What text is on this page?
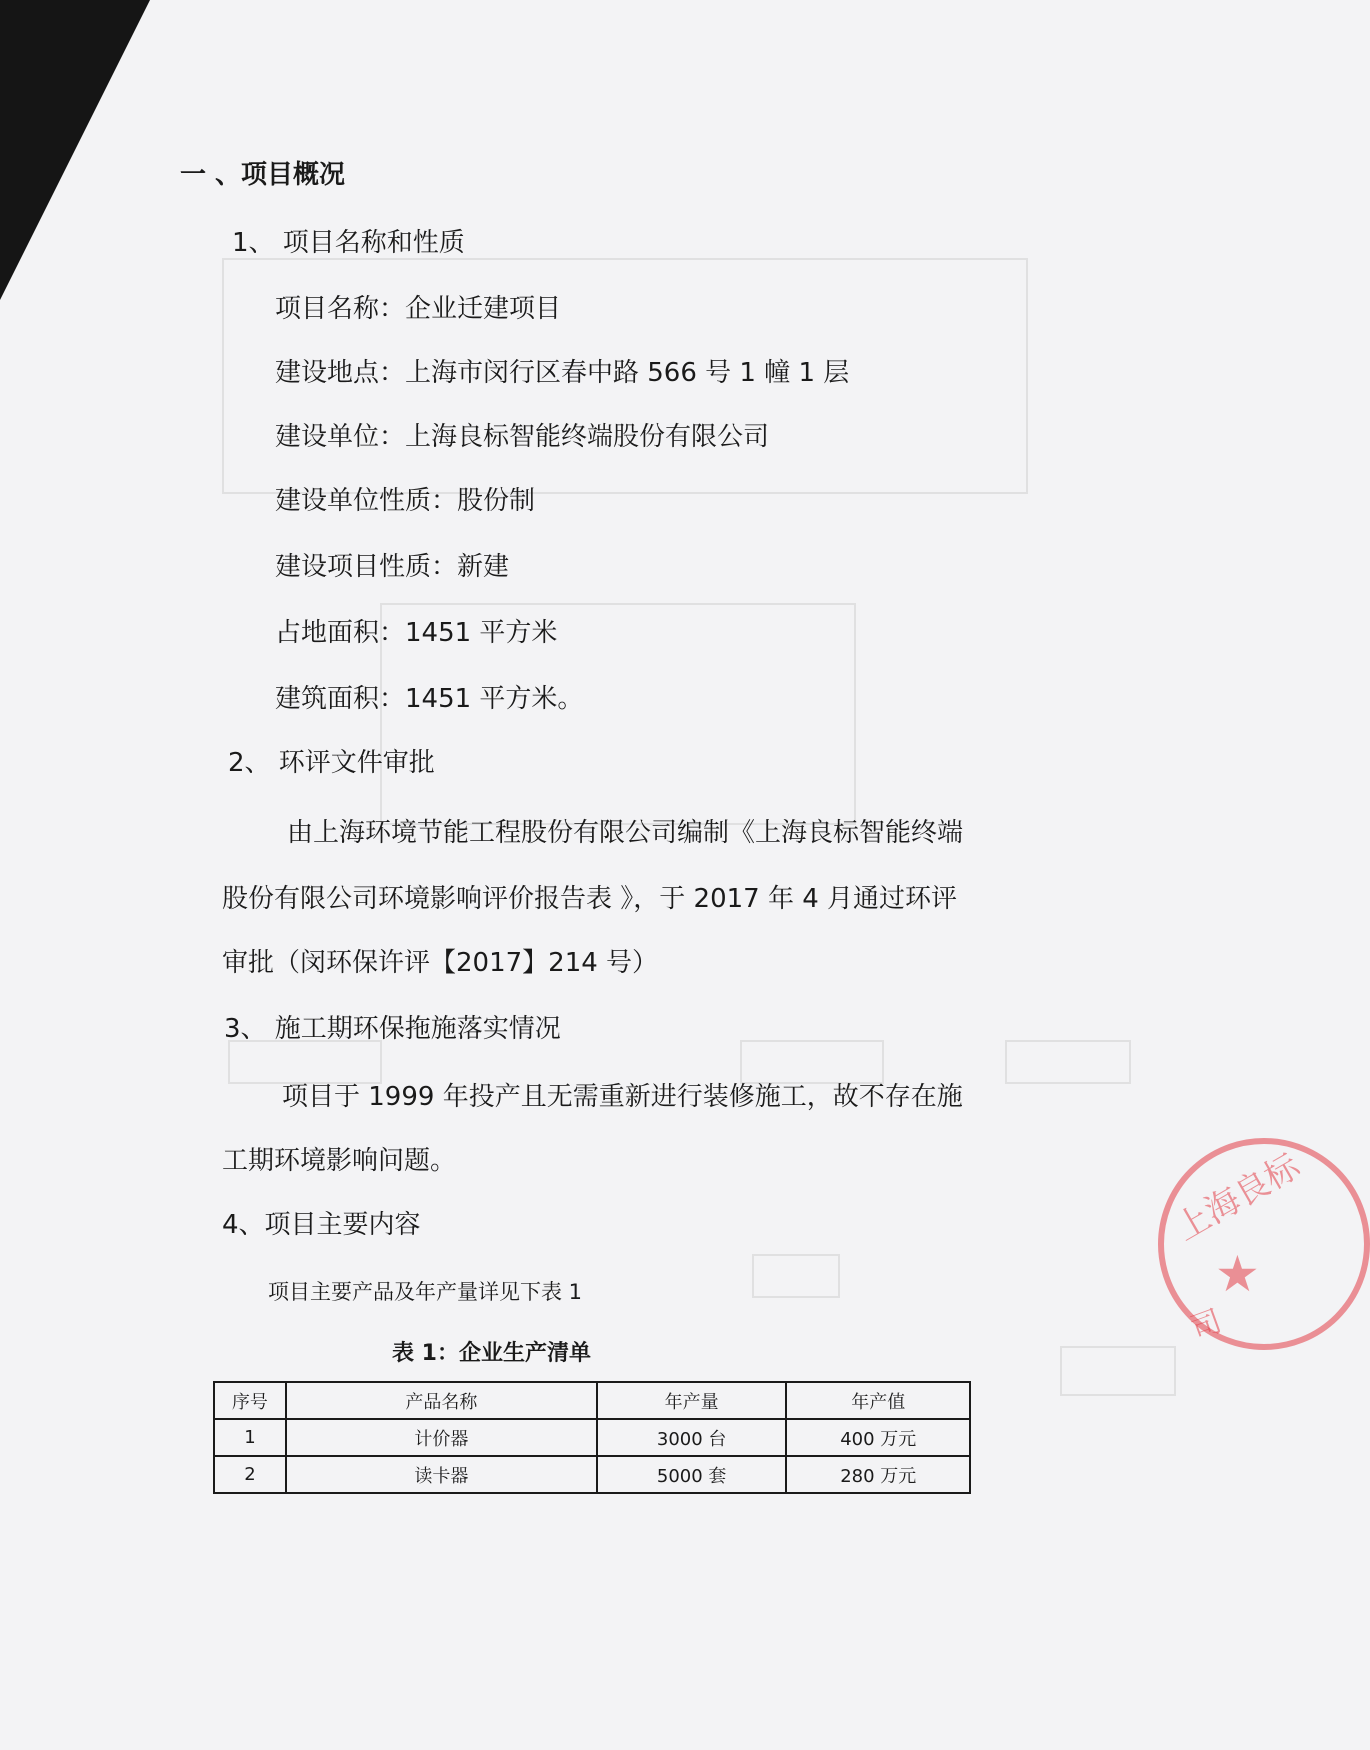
一 、项目概况
1、 项目名称和性质
项目名称：企业迁建项目
建设地点：上海市闵行区春中路 566 号 1 幢 1 层
建设单位：上海良标智能终端股份有限公司
建设单位性质：股份制
建设项目性质：新建
占地面积：1451 平方米
建筑面积：1451 平方米。
2、 环评文件审批
由上海环境节能工程股份有限公司编制《上海良标智能终端
股份有限公司环境影响评价报告表 》，于 2017 年 4 月通过环评
审批（闵环保许评【2017】214 号）
3、 施工期环保拖施落实情况
项目于 1999 年投产且无需重新进行装修施工，故不存在施
工期环境影响问题。
4、项目主要内容
项目主要产品及年产量详见下表 1
表 1：企业生产清单
序号	产品名称	年产量	年产值
1	计价器	3000 台	400 万元
2	读卡器	5000 套	280 万元
上海良标
★
司
